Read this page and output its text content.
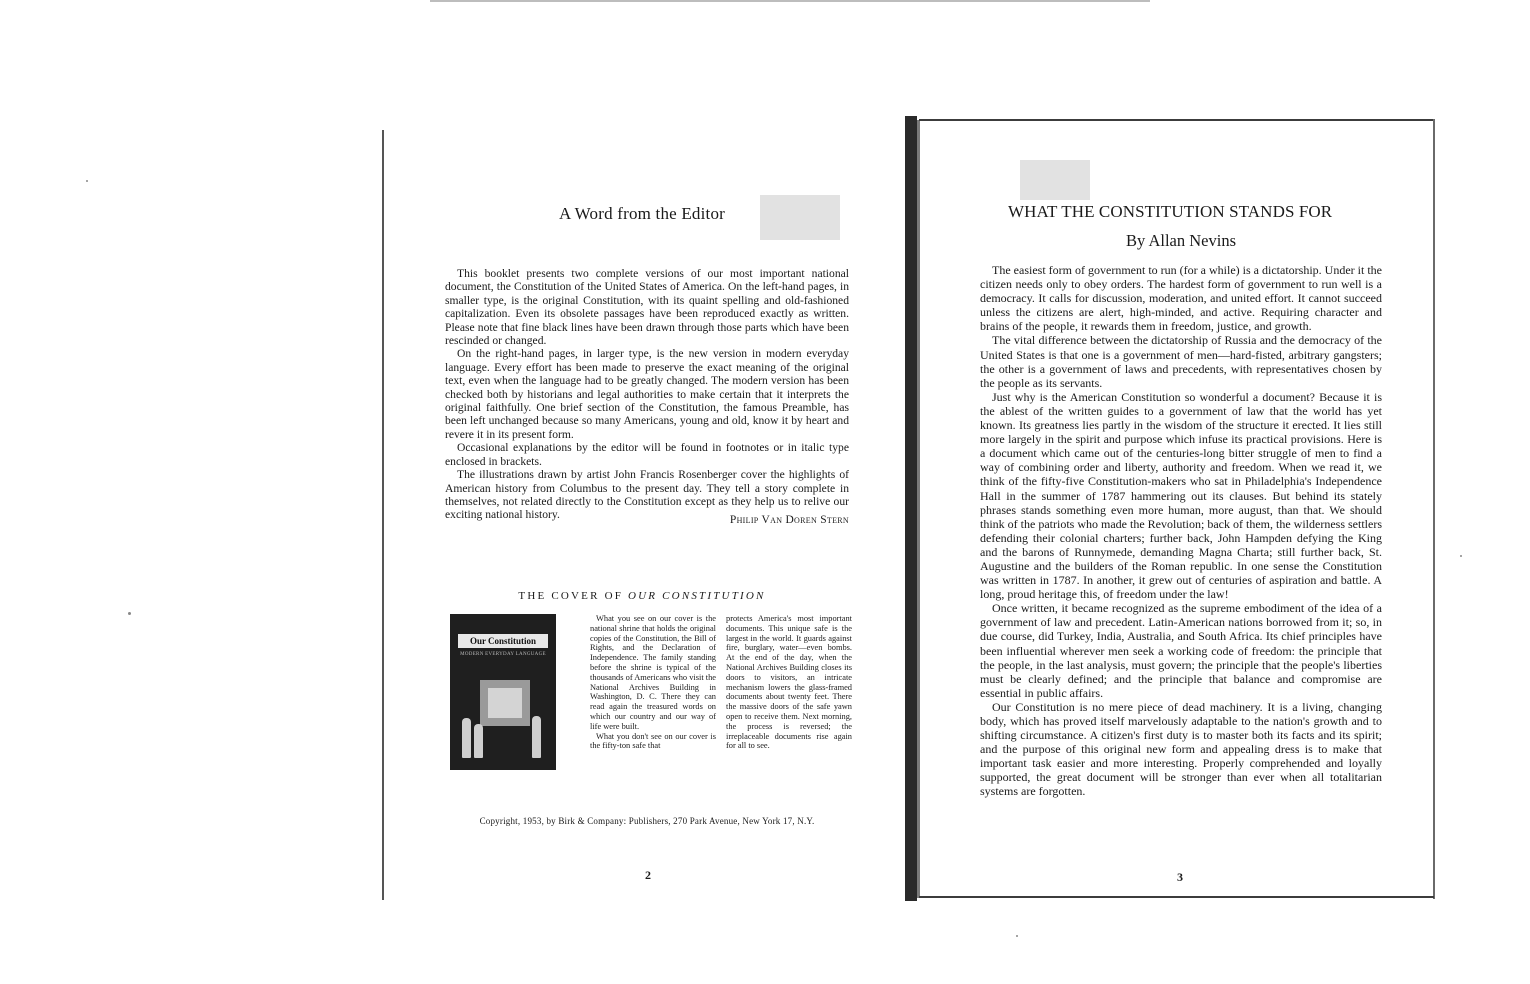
A Word from the Editor

This booklet presents two complete versions of our most important national document, the Constitution of the United States of America. On the left-hand pages, in smaller type, is the original Constitution, with its quaint spelling and old-fashioned capitalization. Even its obsolete passages have been reproduced exactly as written. Please note that fine black lines have been drawn through those parts which have been rescinded or changed.

On the right-hand pages, in larger type, is the new version in modern everyday language. Every effort has been made to preserve the exact meaning of the original text, even when the language had to be greatly changed. The modern version has been checked both by historians and legal authorities to make certain that it interprets the original faithfully. One brief section of the Constitution, the famous Preamble, has been left unchanged because so many Americans, young and old, know it by heart and revere it in its present form.

Occasional explanations by the editor will be found in footnotes or in italic type enclosed in brackets.

The illustrations drawn by artist John Francis Rosenberger cover the highlights of American history from Columbus to the present day. They tell a story complete in themselves, not related directly to the Constitution except as they help us to relive our exciting national history.	Philip Van Doren Stern
THE COVER OF OUR CONSTITUTION
Our Constitution
MODERN EVERYDAY LANGUAGE

What you see on our cover is the national shrine that holds the original copies of the Constitution, the Bill of Rights, and the Declaration of Independence. The family standing before the shrine is typical of the thousands of Americans who visit the National Archives Building in Washington, D. C. There they can read again the treasured words on which our country and our way of life were built.

What you don't see on our cover is the fifty-ton safe that

protects America's most important documents. This unique safe is the largest in the world. It guards against fire, burglary, water—even bombs. At the end of the day, when the National Archives Building closes its doors to visitors, an intricate mechanism lowers the glass-framed documents about twenty feet. There the massive doors of the safe yawn open to receive them. Next morning, the process is reversed; the irreplaceable documents rise again for all to see.

Copyright, 1953, by Birk & Company: Publishers, 270 Park Avenue, New York 17, N.Y.
2
WHAT THE CONSTITUTION STANDS FOR
By Allan Nevins

The easiest form of government to run (for a while) is a dictatorship. Under it the citizen needs only to obey orders. The hardest form of government to run well is a democracy. It calls for discussion, moderation, and united effort. It cannot succeed unless the citizens are alert, high-minded, and active. Requiring character and brains of the people, it rewards them in freedom, justice, and growth.

The vital difference between the dictatorship of Russia and the democracy of the United States is that one is a government of men—hard-fisted, arbitrary gangsters; the other is a government of laws and precedents, with representatives chosen by the people as its servants.

Just why is the American Constitution so wonderful a document? Because it is the ablest of the written guides to a government of law that the world has yet known. Its greatness lies partly in the wisdom of the structure it erected. It lies still more largely in the spirit and purpose which infuse its practical provisions. Here is a document which came out of the centuries-long bitter struggle of men to find a way of combining order and liberty, authority and freedom. When we read it, we think of the fifty-five Constitution-makers who sat in Philadelphia's Independence Hall in the summer of 1787 hammering out its clauses. But behind its stately phrases stands something even more human, more august, than that. We should think of the patriots who made the Revolution; back of them, the wilderness settlers defending their colonial charters; further back, John Hampden defying the King and the barons of Runnymede, demanding Magna Charta; still further back, St. Augustine and the builders of the Roman republic. In one sense the Constitution was written in 1787. In another, it grew out of centuries of aspiration and battle. A long, proud heritage this, of freedom under the law!

Once written, it became recognized as the supreme embodiment of the idea of a government of law and precedent. Latin-American nations borrowed from it; so, in due course, did Turkey, India, Australia, and South Africa. Its chief principles have been influential wherever men seek a working code of freedom: the principle that the people, in the last analysis, must govern; the principle that the people's liberties must be clearly defined; and the principle that balance and compromise are essential in public affairs.

Our Constitution is no mere piece of dead machinery. It is a living, changing body, which has proved itself marvelously adaptable to the nation's growth and to shifting circumstance. A citizen's first duty is to master both its facts and its spirit; and the purpose of this original new form and appealing dress is to make that important task easier and more interesting. Properly comprehended and loyally supported, the great document will be stronger than ever when all totalitarian systems are forgotten.

3
